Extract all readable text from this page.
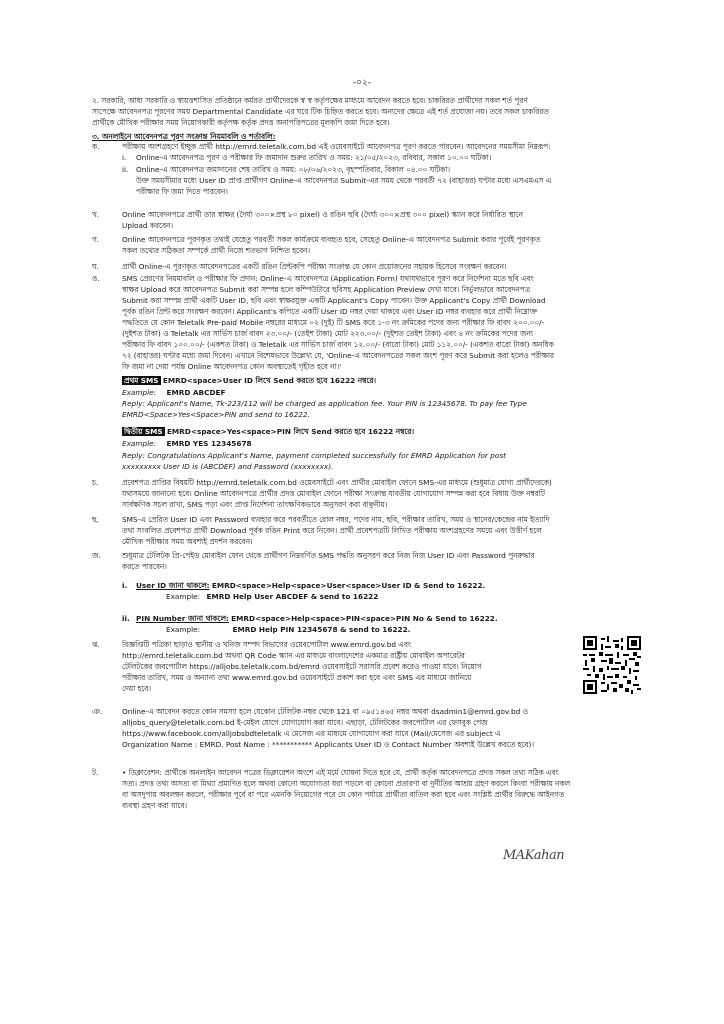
-০২-
২. সরকারি, আধা সরকারি ও স্বায়ত্তশাসিত প্রতিষ্ঠানে কর্মরত প্রার্থীদেরকে স্ব স্ব কর্তৃপক্ষের মাধ্যমে আবেদন করতে হবে। চাকরিরত প্রার্থীদের সকল শর্ত পূরণ
সাপেক্ষে আবেদনপত্র পূরণের সময় Departmental Candidate এর ঘরে টিক চিহ্নিত করতে হবে। অন্যদের ক্ষেত্রে এই শর্ত প্রযোজ্য নয়। তবে সকল চাকরিরত
প্রার্থীকে মৌখিক পরীক্ষার সময় নিয়োগকারী কর্তৃপক্ষ কর্তৃক প্রদত্ত অনাপত্তিপত্রের মূলকপি জমা দিতে হবে।
৩. অনলাইনে আবেদনপত্র পূরণ সংক্রান্ত নিয়মাবলি ও শর্তাবলি:
ক.	পরীক্ষায় অংশগ্রহণে ইচ্ছুক প্রার্থী http://emrd.teletalk.com.bd এই ওয়েবসাইটে আবেদনপত্র পূরণ করতে পারবেন। আবেদনের সময়সীমা নিম্নরূপ:
i. Online-এ আবেদনপত্র পূরণ ও পরীক্ষার ফি জমাদান শুরুর তারিখ ও সময়: ২১/০৫/২০২৩, রবিবার, সকাল ১০.০০ ঘটিকা।
ii. Online-এ আবেদনপত্র জমাদানের শেষ তারিখ ও সময়: ০৮/০৬/২০২৩, বৃহস্পতিবার, বিকাল ০৪.০০ ঘটিকা।
উক্ত সময়সীমার মধ্যে User ID প্রাপ্ত প্রার্থীগণ Online-এ আবেদনপত্র Submit-এর সময় থেকে পরবর্তী ৭২ (বাহাত্তর) ঘণ্টার মধ্যে এসএমএস এ
পরীক্ষার ফি জমা দিতে পারবেন।
খ.	Online আবেদনপত্রে প্রার্থী তার স্বাক্ষর (দৈর্ঘ্য ৩০০×প্রস্থ ৮০ pixel) ও রঙিন ছবি (দৈর্ঘ্য ৩০০×প্রস্থ ৩০০ pixel) স্ক্যান করে নির্ধারিত স্থানে
Upload করবেন।
গ.	Online আবেদনপত্রে পূরণকৃত তথ্যই যেহেতু পরবর্তী সকল কার্যক্রমে ব্যবহৃত হবে, সেহেতু Online-এ আবেদনপত্র Submit করার পূর্বেই পূরণকৃত
সকল তথ্যের সঠিকতা সম্পর্কে প্রার্থী নিজে শতভাগ নিশ্চিত হবেন।
ঘ.	প্রার্থী Online-এ পূরণকৃত আবেদনপত্রের একটি রঙিন প্রিন্টকপি পরীক্ষা সংক্রান্ত যে কোন প্রয়োজনের সহায়ক হিসেবে সংরক্ষণ করবেন।
ঙ.	SMS প্রেরণের নিয়মাবলি ও পরীক্ষার ফি প্রদান: Online-এ আবেদনপত্র (Application Form) যথাযথভাবে পূরণ করে নির্দেশনা মতে ছবি এবং
স্বাক্ষর Upload করে আবেদনপত্র Submit করা সম্পন্ন হলে কম্পিউটারে ছবিসহ Application Preview দেখা যাবে। নির্ভুলভাবে আবেদনপত্র
Submit করা সম্পন্ন প্রার্থী একটি User ID, ছবি এবং স্বাক্ষরযুক্ত একটি Applicant's Copy পাবেন। উক্ত Applicant's Copy প্রার্থী Download
পূর্বক রঙিন প্রিন্ট করে সংরক্ষণ করবেন। Applicant's কপিতে একটি User ID নম্বর দেয়া থাকবে এবং User ID নম্বর ব্যবহার করে প্রার্থী নিম্নোক্ত
পদ্ধতিতে যে কোন Teletalk Pre-paid Mobile নম্বরের মাধ্যমে ০২ (দুই) টি SMS করে ১-৩ নং ক্রমিকের পদের জন্য পরীক্ষার ফি বাবদ ২০০.০০/-
(দুইশত টাকা) ও Teletalk এর সার্ভিস চার্জ বাবদ ২৩.০০/- (তেইশ টাকা) মোট ২২৩.০০/- (দুইশত তেইশ টাকা) এবং ৪ নং ক্রমিকের পদের জন্য
পরীক্ষার ফি বাবদ ১০০.০০/- (একশত টাকা) ও Teletalk এর সার্ভিস চার্জ বাবদ ১২.০০/- (বারো টাকা) মোট ১১২.০০/- (একশত বারো টাকা) অনধিক
৭২ (বাহাত্তর) ঘণ্টার মধ্যে জমা দিবেন। এখানে বিশেষভাবে উল্লেখ্য যে, 'Online-এ আবেদনপত্রের সকল অংশ পূরণ করে Submit করা হলেও পরীক্ষার
ফি জমা না দেয়া পর্যন্ত Online আবেদনপত্র কোন অবস্থাতেই গৃহীত হবে না।'
প্রথম SMS EMRD<space>User ID লিখে Send করতে হবে 16222 নম্বরে।
Example: EMRD ABCDEF
Reply: Applicant's Name, Tk-223/112 will be charged as application fee. Your PIN is 12345678. To pay fee Type
EMRD<Space>Yes<Space>PIN and send to 16222.
দ্বিতীয় SMS EMRD<space>Yes<space>PIN লিখে Send করতে হবে 16222 নম্বরে।
Example: EMRD YES 12345678
Reply: Congratulations Applicant's Name, payment completed successfully for EMRD Application for post
xxxxxxxxx User ID is (ABCDEF) and Password (xxxxxxxx).
চ.	প্রবেশপত্র প্রাপ্তির বিষয়টি http://emrd.teletalk.com.bd ওয়েবসাইটে এবং প্রার্থীর মোবাইল ফোনে SMS-এর মাধ্যমে (শুধুমাত্র যোগ্য প্রার্থীদেরকে)
যথাসময়ে জানানো হবে। Online আবেদনপত্রে প্রার্থীর প্রদত্ত মোবাইল ফোনে পরীক্ষা সংক্রান্ত যাবতীয় যোগাযোগ সম্পন্ন করা হবে বিধায় উক্ত নম্বরটি
সার্বক্ষণিক সচল রাখা, SMS পড়া এবং প্রাপ্ত নির্দেশনা তাৎক্ষণিকভাবে অনুসরণ করা বাঞ্ছনীয়।
ছ.	SMS-এ প্রেরিত User ID এবং Password ব্যবহার করে পরবর্তীতে রোল নম্বর, পদের নাম, ছবি, পরীক্ষার তারিখ, সময় ও স্থানের/কেন্দ্রের নাম ইত্যাদি
তথ্য সংবলিত প্রবেশপত্র প্রার্থী Download পূর্বক রঙিন Print করে নিবেন। প্রার্থী প্রবেশপত্রটি লিখিত পরীক্ষায় অংশগ্রহণের সময়ে এবং উত্তীর্ণ হলে
মৌখিক পরীক্ষার সময় অবশ্যই প্রদর্শন করবেন।
জ.	শুধুমাত্র টেলিটক প্রি-পেইড মোবাইল ফোন থেকে প্রার্থীগণ নিম্নবর্ণিত SMS পদ্ধতি অনুসরণ করে নিজ নিজ User ID এবং Password পুনরুদ্ধার
করতে পারবেন।
i. User ID জানা থাকলে: EMRD<space>Help<space>User<space>User ID & Send to 16222.
Example: EMRD Help User ABCDEF & send to 16222
ii. PIN Number জানা থাকলে: EMRD<space>Help<space>PIN<space>PIN No & Send to 16222.
Example:	EMRD Help PIN 12345678 & send to 16222.
ঝ.	বিজ্ঞপ্তিটি পত্রিকা ছাড়াও স্থানীয় ও খনিজ সম্পদ বিভাগের ওয়েবপোর্টাল www.emrd.gov.bd এবং
http://emrd.teletalk.com.bd অথবা QR Code স্ক্যান এর মাধ্যমে বাংলাদেশের একমাত্র রাষ্ট্রীয় মোবাইল অপারেটর
টেলিটকের জবপোর্টাল https://alljobs.teletalk.com.bd/emrd ওয়েবসাইটে সরাসরি প্রবেশ করেও পাওয়া যাবে। নিয়োগ
পরীক্ষার তারিখ, সময় ও অন্যান্য তথ্য www.emrd.gov.bd ওয়েবসাইটে প্রকাশ করা হবে এবং SMS এর মাধ্যমে জানিয়ে
দেয়া হবে।
ঞ.	Online-এ আবেদন করতে কোন সমস্যা হলে যেকোন টেলিটক নম্বর থেকে 121 বা ০৯৫১৪৬৫ নম্বর অথবা dsadmin1@emrd.gov.bd ও
alljobs_query@teletalk.com.bd ই-মেইল যোগে যোগাযোগ করা যাবে। এছাড়া, টেলিটকের জবপোর্টাল এর ফেসবুক পেজ
https://www.facebook.com/alljobsbdteletalk এ মেসেজ এর মাধ্যমে যোগাযোগ করা যাবে (Mail/মেসেজ এর subject এ
Organization Name : EMRD. Post Name : *********** Applicants User ID ও Contact Number অবশ্যই উল্লেখ করতে হবে)।
ট.	• ডিক্লারেশন: প্রার্থীকে অনলাইন আবেদন পত্রের ডিক্লারেশন অংশে এই মর্মে ঘোষনা দিতে হবে যে, প্রার্থী কর্তৃক আবেদনপত্রে প্রদত্ত সকল তথ্য সঠিক এবং
সত্য। প্রদত্ত তথ্য অসত্য বা মিথ্যা প্রমাণিত হলে অথবা কোনো অযোগ্যতা ধরা পড়লে বা কোনো প্রতারণা বা দুর্নীতির আশ্রয় গ্রহণ করলে কিংবা পরীক্ষায় নকল
বা অসদুপায় অবলম্বন করলে, পরীক্ষার পূর্বে বা পরে এমনকি নিয়োগের পরে যে কোন পর্যায়ে প্রার্থীতা বাতিল করা হবে এবং সংশ্লিষ্ট প্রার্থীর বিরুদ্ধে আইনগত
ব্যবস্থা গ্রহণ করা যাবে।
MAKahan
